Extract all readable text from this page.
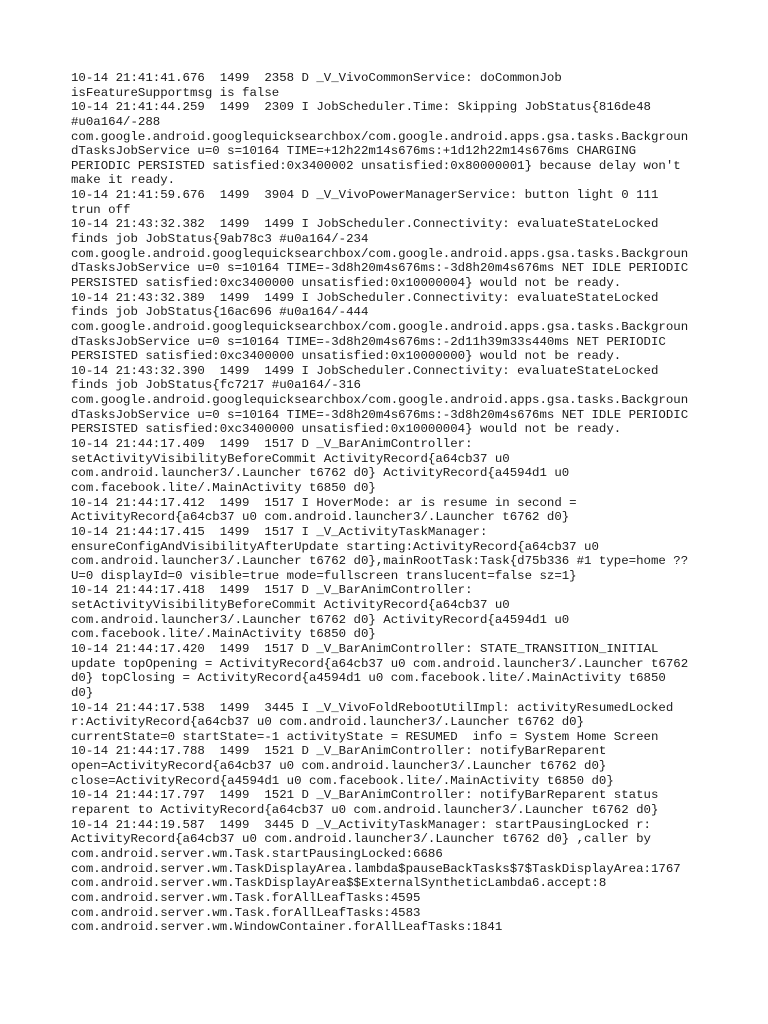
10-14 21:41:41.676  1499  2358 D _V_VivoCommonService: doCommonJob
isFeatureSupportmsg is false
10-14 21:41:44.259  1499  2309 I JobScheduler.Time: Skipping JobStatus{816de48
#u0a164/-288
com.google.android.googlequicksearchbox/com.google.android.apps.gsa.tasks.Backgroun
dTasksJobService u=0 s=10164 TIME=+12h22m14s676ms:+1d12h22m14s676ms CHARGING
PERIODIC PERSISTED satisfied:0x3400002 unsatisfied:0x80000001} because delay won't
make it ready.
10-14 21:41:59.676  1499  3904 D _V_VivoPowerManagerService: button light 0 111
trun off
10-14 21:43:32.382  1499  1499 I JobScheduler.Connectivity: evaluateStateLocked
finds job JobStatus{9ab78c3 #u0a164/-234
com.google.android.googlequicksearchbox/com.google.android.apps.gsa.tasks.Backgroun
dTasksJobService u=0 s=10164 TIME=-3d8h20m4s676ms:-3d8h20m4s676ms NET IDLE PERIODIC
PERSISTED satisfied:0xc3400000 unsatisfied:0x10000004} would not be ready.
10-14 21:43:32.389  1499  1499 I JobScheduler.Connectivity: evaluateStateLocked
finds job JobStatus{16ac696 #u0a164/-444
com.google.android.googlequicksearchbox/com.google.android.apps.gsa.tasks.Backgroun
dTasksJobService u=0 s=10164 TIME=-3d8h20m4s676ms:-2d11h39m33s440ms NET PERIODIC
PERSISTED satisfied:0xc3400000 unsatisfied:0x10000000} would not be ready.
10-14 21:43:32.390  1499  1499 I JobScheduler.Connectivity: evaluateStateLocked
finds job JobStatus{fc7217 #u0a164/-316
com.google.android.googlequicksearchbox/com.google.android.apps.gsa.tasks.Backgroun
dTasksJobService u=0 s=10164 TIME=-3d8h20m4s676ms:-3d8h20m4s676ms NET IDLE PERIODIC
PERSISTED satisfied:0xc3400000 unsatisfied:0x10000004} would not be ready.
10-14 21:44:17.409  1499  1517 D _V_BarAnimController:
setActivityVisibilityBeforeCommit ActivityRecord{a64cb37 u0
com.android.launcher3/.Launcher t6762 d0} ActivityRecord{a4594d1 u0
com.facebook.lite/.MainActivity t6850 d0}
10-14 21:44:17.412  1499  1517 I HoverMode: ar is resume in second =
ActivityRecord{a64cb37 u0 com.android.launcher3/.Launcher t6762 d0}
10-14 21:44:17.415  1499  1517 I _V_ActivityTaskManager:
ensureConfigAndVisibilityAfterUpdate starting:ActivityRecord{a64cb37 u0
com.android.launcher3/.Launcher t6762 d0},mainRootTask:Task{d75b336 #1 type=home ??
U=0 displayId=0 visible=true mode=fullscreen translucent=false sz=1}
10-14 21:44:17.418  1499  1517 D _V_BarAnimController:
setActivityVisibilityBeforeCommit ActivityRecord{a64cb37 u0
com.android.launcher3/.Launcher t6762 d0} ActivityRecord{a4594d1 u0
com.facebook.lite/.MainActivity t6850 d0}
10-14 21:44:17.420  1499  1517 D _V_BarAnimController: STATE_TRANSITION_INITIAL
update topOpening = ActivityRecord{a64cb37 u0 com.android.launcher3/.Launcher t6762
d0} topClosing = ActivityRecord{a4594d1 u0 com.facebook.lite/.MainActivity t6850
d0}
10-14 21:44:17.538  1499  3445 I _V_VivoFoldRebootUtilImpl: activityResumedLocked
r:ActivityRecord{a64cb37 u0 com.android.launcher3/.Launcher t6762 d0}
currentState=0 startState=-1 activityState = RESUMED  info = System Home Screen
10-14 21:44:17.788  1499  1521 D _V_BarAnimController: notifyBarReparent
open=ActivityRecord{a64cb37 u0 com.android.launcher3/.Launcher t6762 d0}
close=ActivityRecord{a4594d1 u0 com.facebook.lite/.MainActivity t6850 d0}
10-14 21:44:17.797  1499  1521 D _V_BarAnimController: notifyBarReparent status
reparent to ActivityRecord{a64cb37 u0 com.android.launcher3/.Launcher t6762 d0}
10-14 21:44:19.587  1499  3445 D _V_ActivityTaskManager: startPausingLocked r:
ActivityRecord{a64cb37 u0 com.android.launcher3/.Launcher t6762 d0} ,caller by
com.android.server.wm.Task.startPausingLocked:6686
com.android.server.wm.TaskDisplayArea.lambda$pauseBackTasks$7$TaskDisplayArea:1767
com.android.server.wm.TaskDisplayArea$$ExternalSyntheticLambda6.accept:8
com.android.server.wm.Task.forAllLeafTasks:4595
com.android.server.wm.Task.forAllLeafTasks:4583
com.android.server.wm.WindowContainer.forAllLeafTasks:1841
